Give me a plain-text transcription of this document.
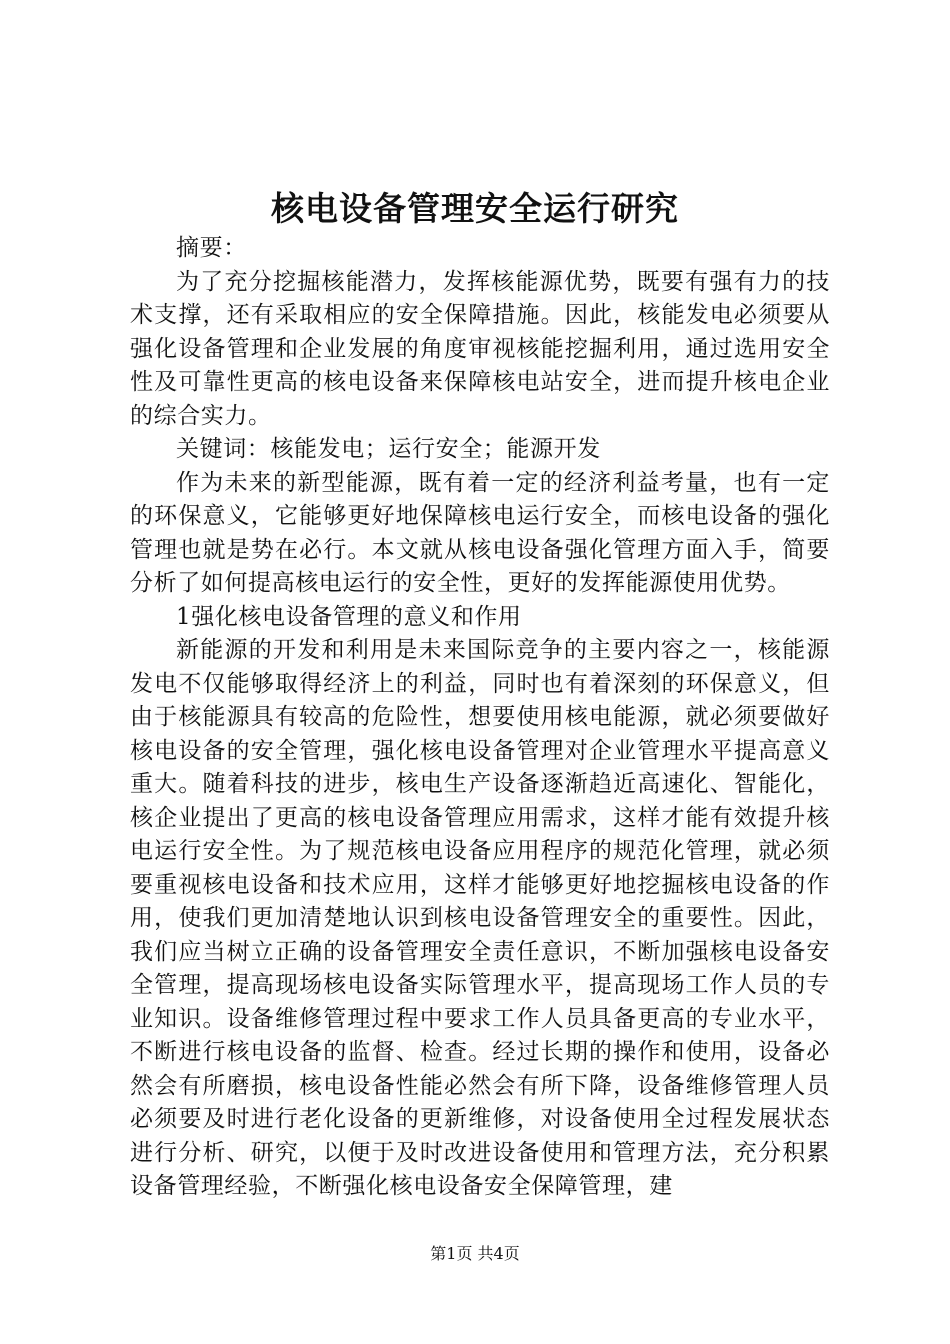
核电设备管理安全运行研究

摘要：

为了充分挖掘核能潜力，发挥核能源优势，既要有强有力的技术支撑，还有采取相应的安全保障措施。因此，核能发电必须要从强化设备管理和企业发展的角度审视核能挖掘利用，通过选用安全性及可靠性更高的核电设备来保障核电站安全，进而提升核电企业的综合实力。

关键词：核能发电；运行安全；能源开发

作为未来的新型能源，既有着一定的经济利益考量，也有一定的环保意义，它能够更好地保障核电运行安全，而核电设备的强化管理也就是势在必行。本文就从核电设备强化管理方面入手，简要分析了如何提高核电运行的安全性，更好的发挥能源使用优势。

1强化核电设备管理的意义和作用

新能源的开发和利用是未来国际竞争的主要内容之一，核能源发电不仅能够取得经济上的利益，同时也有着深刻的环保意义，但由于核能源具有较高的危险性，想要使用核电能源，就必须要做好核电设备的安全管理，强化核电设备管理对企业管理水平提高意义重大。随着科技的进步，核电生产设备逐渐趋近高速化、智能化，核企业提出了更高的核电设备管理应用需求，这样才能有效提升核电运行安全性。为了规范核电设备应用程序的规范化管理，就必须要重视核电设备和技术应用，这样才能够更好地挖掘核电设备的作用，使我们更加清楚地认识到核电设备管理安全的重要性。因此，我们应当树立正确的设备管理安全责任意识，不断加强核电设备安全管理，提高现场核电设备实际管理水平，提高现场工作人员的专业知识。设备维修管理过程中要求工作人员具备更高的专业水平，不断进行核电设备的监督、检查。经过长期的操作和使用，设备必然会有所磨损，核电设备性能必然会有所下降，设备维修管理人员必须要及时进行老化设备的更新维修，对设备使用全过程发展状态进行分析、研究，以便于及时改进设备使用和管理方法，充分积累设备管理经验，不断强化核电设备安全保障管理，建

第1页 共4页
